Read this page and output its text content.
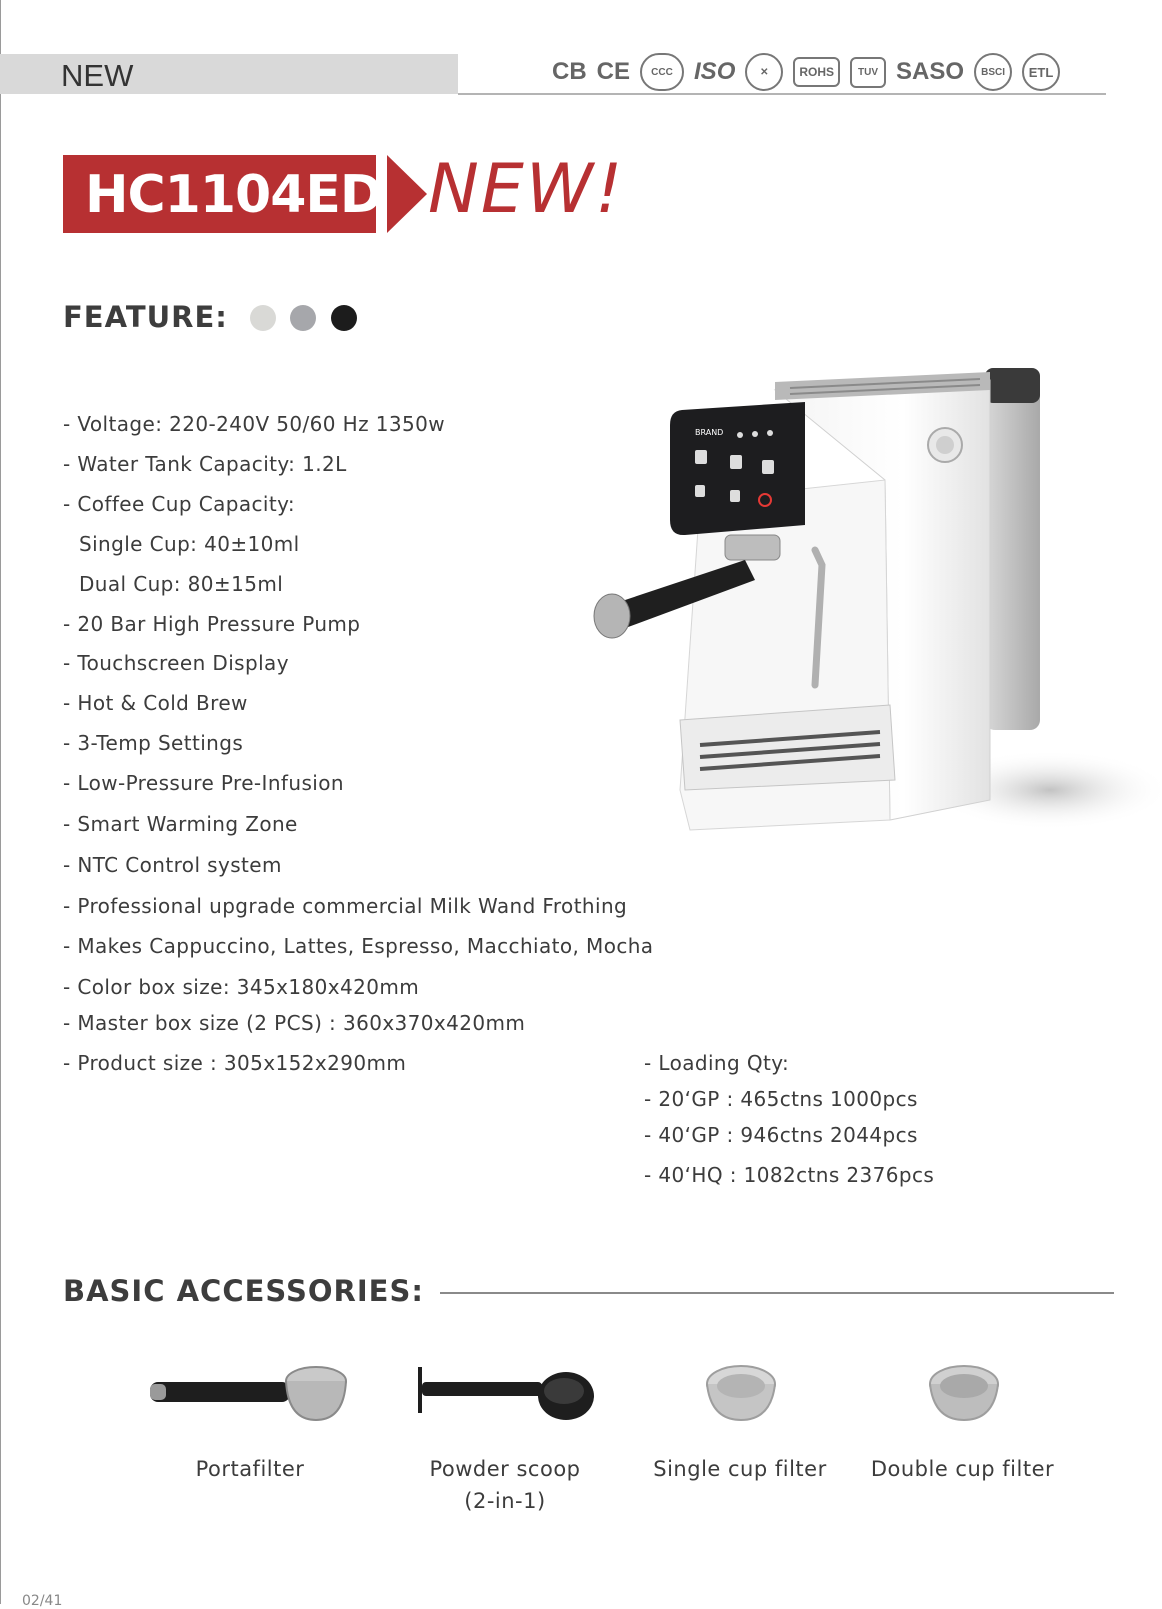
NEW	CB CE	CCC ISO	✕	ROHS	TUV SASO	BSCI	ETL
HC1104ED NEW!
FEATURE:
- Voltage: 220-240V 50/60 Hz 1350w
- Water Tank Capacity: 1.2L
- Coffee Cup Capacity:
Single Cup: 40±10ml
Dual Cup: 80±15ml
- 20 Bar High Pressure Pump
- Touchscreen Display
- Hot & Cold Brew
- 3-Temp Settings
- Low-Pressure Pre-Infusion
- Smart Warming Zone
- NTC Control system
- Professional upgrade commercial Milk Wand Frothing
- Makes Cappuccino, Lattes, Espresso, Macchiato, Mocha
- Color box size: 345x180x420mm
- Master box size (2 PCS) : 360x370x420mm
- Product size : 305x152x290mm	- Loading Qty:
- 20‘GP : 465ctns 1000pcs
- 40‘GP : 946ctns 2044pcs
- 40‘HQ : 1082ctns 2376pcs
BRAND
BASIC ACCESSORIES:
Portafilter	Powder scoop
(2-in-1)
Single cup filter	Double cup filter
02/41
